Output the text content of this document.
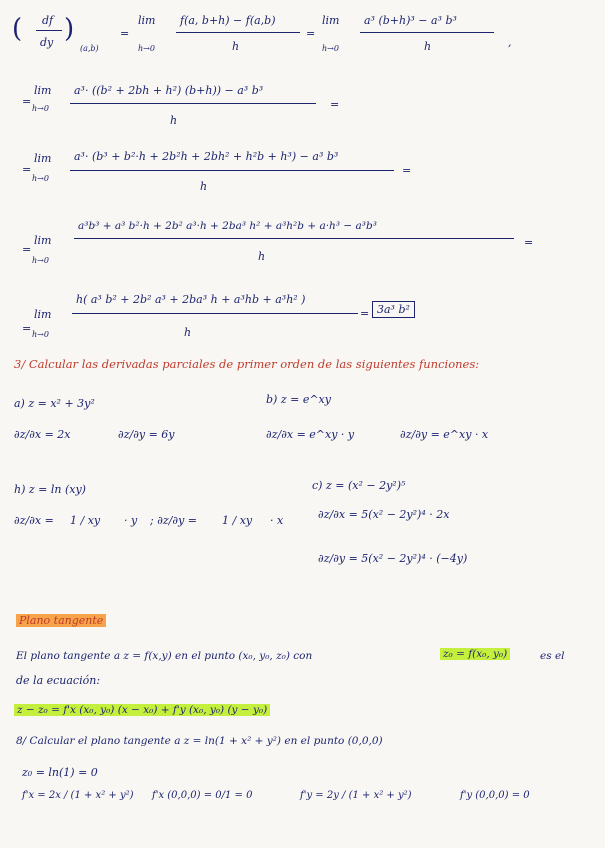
( df
dy )
(a,b)
=
lim
h→0
f(a, b+h) − f(a,b)
h
=
lim
h→0
a³ (b+h)³ − a³ b³
h	,
=
lim
h→0
a³· ((b² + 2bh + h²) (b+h)) − a³ b³
h
=
=
lim
h→0
a³· (b³ + b²·h + 2b²h + 2bh² + h²b + h³) − a³ b³
h
=
=
lim
h→0
a³b³ + a³ b²·h + 2b² a³·h + 2ba³ h² + a³h²b + a·h³ − a³b³
h
=
=
lim
h→0
h( a³ b² + 2b² a³ + 2ba³ h + a³hb + a³h² )
h
= 3a³ b²
3/ Calcular las derivadas parciales de primer orden de las siguientes funciones:
a) z = x² + 3y²
∂z/∂x = 2x	∂z/∂y = 6y
b) z = e^xy
∂z/∂x = e^xy · y	∂z/∂y = e^xy · x
h) z = ln (xy)
∂z/∂x = 1 / xy · y ; ∂z/∂y = 1 / xy · x
c) z = (x² − 2y²)⁵
∂z/∂x = 5(x² − 2y²)⁴ · 2x
∂z/∂y = 5(x² − 2y²)⁴ · (−4y)
Plano tangente
El plano tangente a z = f(x,y) en el punto (x₀, y₀, z₀) con	z₀ = f(x₀, y₀)	es el
de la ecuación:
z − z₀ = f'x (x₀, y₀) (x − x₀) + f'y (x₀, y₀) (y − y₀)
8/ Calcular el plano tangente a z = ln(1 + x² + y²) en el punto (0,0,0)
z₀ = ln(1) = 0
f'x = 2x / (1 + x² + y²) f'x (0,0,0) = 0/1 = 0	f'y = 2y / (1 + x² + y²)	f'y (0,0,0) = 0
